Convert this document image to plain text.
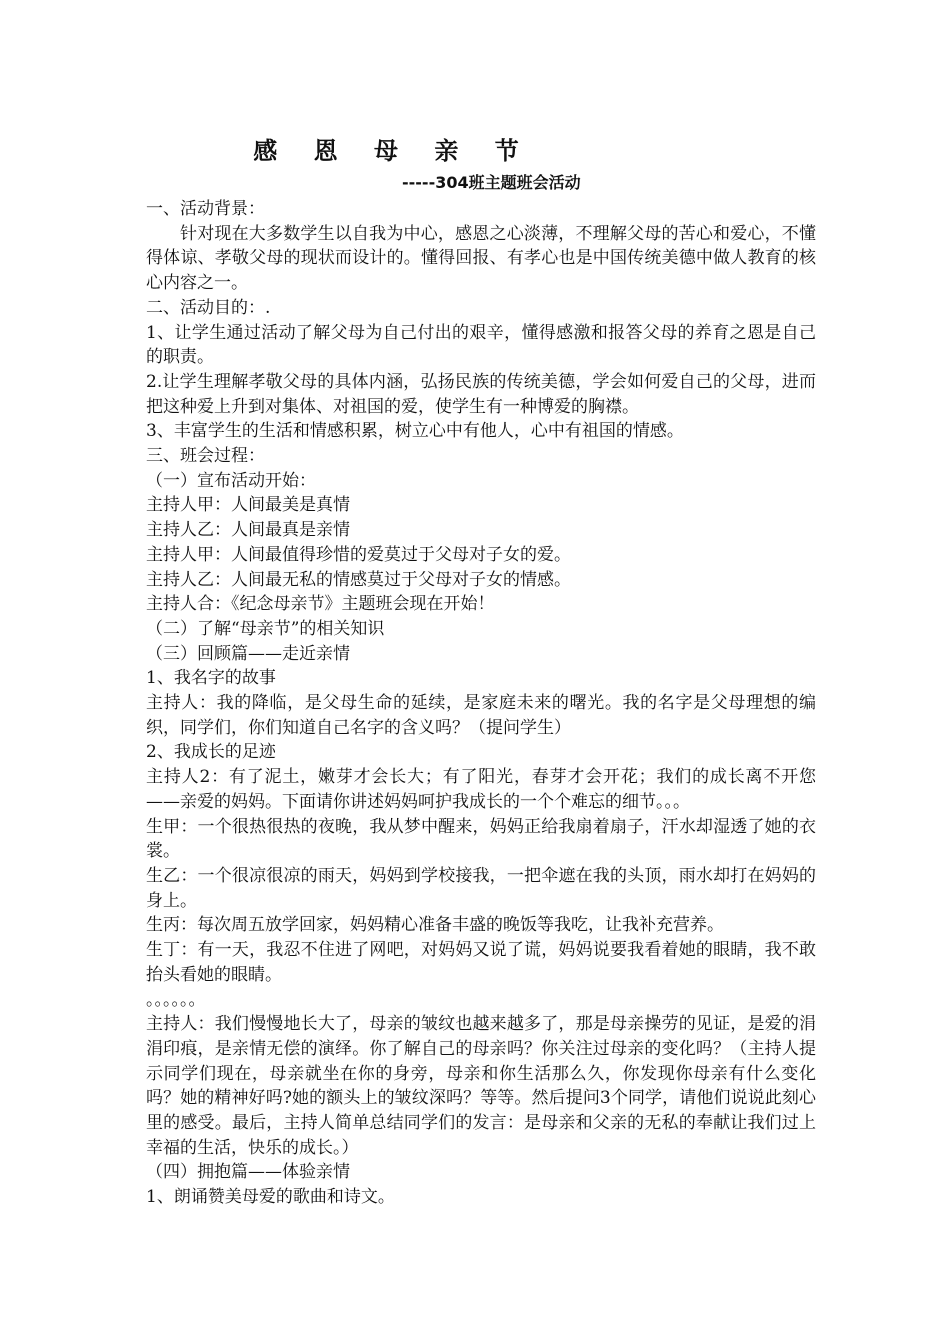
感 恩 母 亲 节
-----304班主题班会活动

一、活动背景：

针对现在大多数学生以自我为中心，感恩之心淡薄，不理解父母的苦心和爱心，不懂得体谅、孝敬父母的现状而设计的。懂得回报、有孝心也是中国传统美德中做人教育的核心内容之一。

二、活动目的：.

1、让学生通过活动了解父母为自己付出的艰辛，懂得感激和报答父母的养育之恩是自己的职责。

2.让学生理解孝敬父母的具体内涵，弘扬民族的传统美德，学会如何爱自己的父母，进而把这种爱上升到对集体、对祖国的爱，使学生有一种博爱的胸襟。

3、丰富学生的生活和情感积累，树立心中有他人，心中有祖国的情感。

三、班会过程：

（一）宣布活动开始：

主持人甲：人间最美是真情

主持人乙：人间最真是亲情

主持人甲：人间最值得珍惜的爱莫过于父母对子女的爱。

主持人乙：人间最无私的情感莫过于父母对子女的情感。

主持人合：《纪念母亲节》主题班会现在开始！

（二）了解“母亲节”的相关知识

（三）回顾篇——走近亲情

1、我名字的故事

主持人：我的降临，是父母生命的延续，是家庭未来的曙光。我的名字是父母理想的编织，同学们，你们知道自己名字的含义吗？（提问学生）

2、我成长的足迹

主持人2：有了泥土，嫩芽才会长大；有了阳光，春芽才会开花；我们的成长离不开您——亲爱的妈妈。下面请你讲述妈妈呵护我成长的一个个难忘的细节。。。

生甲：一个很热很热的夜晚，我从梦中醒来，妈妈正给我扇着扇子，汗水却湿透了她的衣裳。

生乙：一个很凉很凉的雨天，妈妈到学校接我，一把伞遮在我的头顶，雨水却打在妈妈的身上。

生丙：每次周五放学回家，妈妈精心准备丰盛的晚饭等我吃，让我补充营养。

生丁：有一天，我忍不住进了网吧，对妈妈又说了谎，妈妈说要我看着她的眼睛，我不敢抬头看她的眼睛。

。。。。。。

主持人：我们慢慢地长大了，母亲的皱纹也越来越多了，那是母亲操劳的见证，是爱的涓涓印痕，是亲情无偿的演绎。你了解自己的母亲吗？你关注过母亲的变化吗？（主持人提示同学们现在，母亲就坐在你的身旁，母亲和你生活那么久，你发现你母亲有什么变化吗？她的精神好吗?她的额头上的皱纹深吗？等等。然后提问3个同学，请他们说说此刻心里的感受。最后，主持人简单总结同学们的发言：是母亲和父亲的无私的奉献让我们过上幸福的生活，快乐的成长。）

（四）拥抱篇——体验亲情

1、朗诵赞美母爱的歌曲和诗文。
